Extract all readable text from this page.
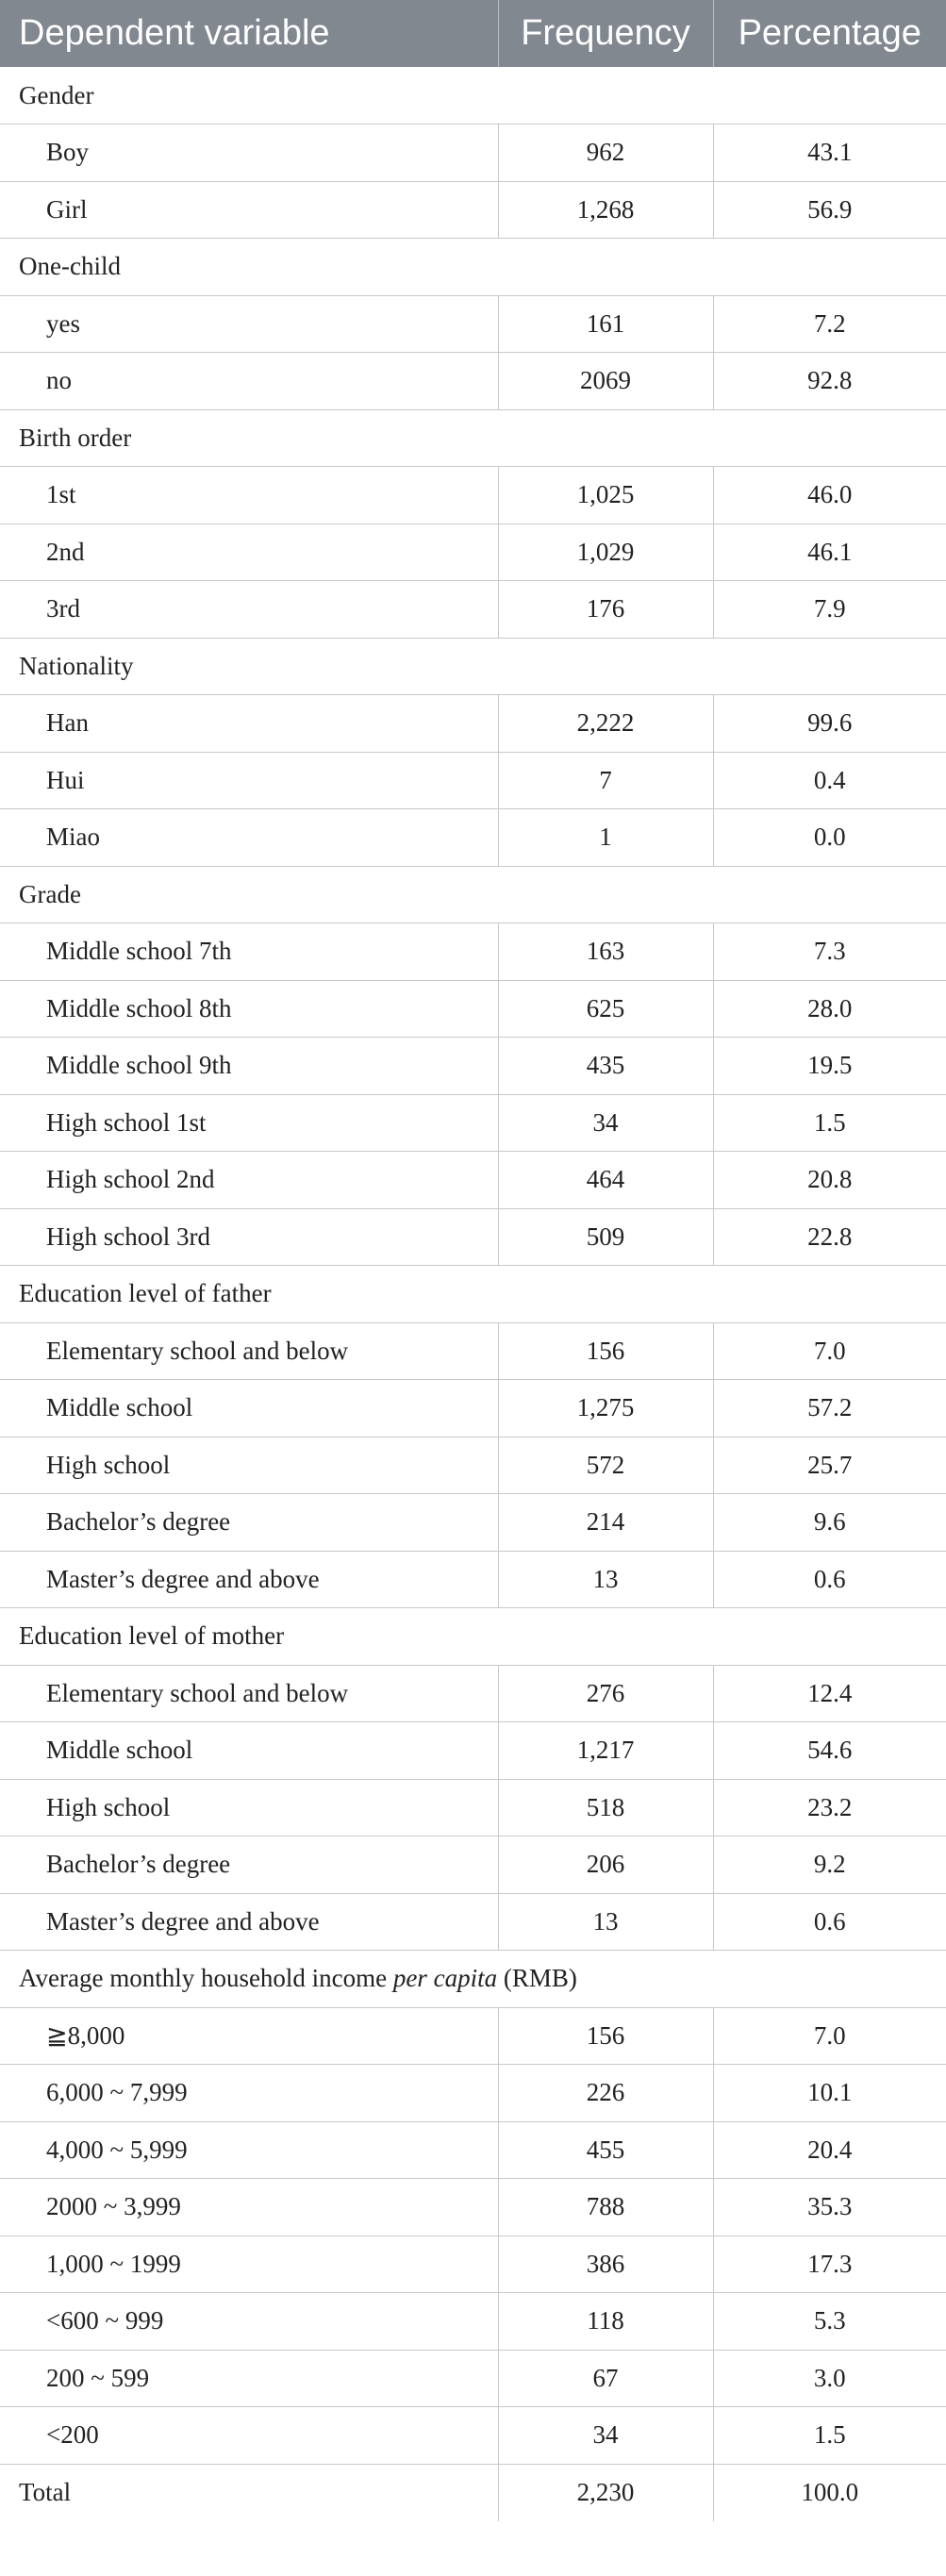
Dependent variable	Frequency	Percentage
Gender		
Boy	962	43.1
Girl	1,268	56.9
One-child		
yes	161	7.2
no	2069	92.8
Birth order		
1st	1,025	46.0
2nd	1,029	46.1
3rd	176	7.9
Nationality		
Han	2,222	99.6
Hui	7	0.4
Miao	1	0.0
Grade		
Middle school 7th	163	7.3
Middle school 8th	625	28.0
Middle school 9th	435	19.5
High school 1st	34	1.5
High school 2nd	464	20.8
High school 3rd	509	22.8
Education level of father		
Elementary school and below	156	7.0
Middle school	1,275	57.2
High school	572	25.7
Bachelor’s degree	214	9.6
Master’s degree and above	13	0.6
Education level of mother		
Elementary school and below	276	12.4
Middle school	1,217	54.6
High school	518	23.2
Bachelor’s degree	206	9.2
Master’s degree and above	13	0.6
Average monthly household income per capita (RMB)		
≧8,000	156	7.0
6,000 ~ 7,999	226	10.1
4,000 ~ 5,999	455	20.4
2000 ~ 3,999	788	35.3
1,000 ~ 1999	386	17.3
<600 ~ 999	118	5.3
200 ~ 599	67	3.0
<200	34	1.5
Total	2,230	100.0
